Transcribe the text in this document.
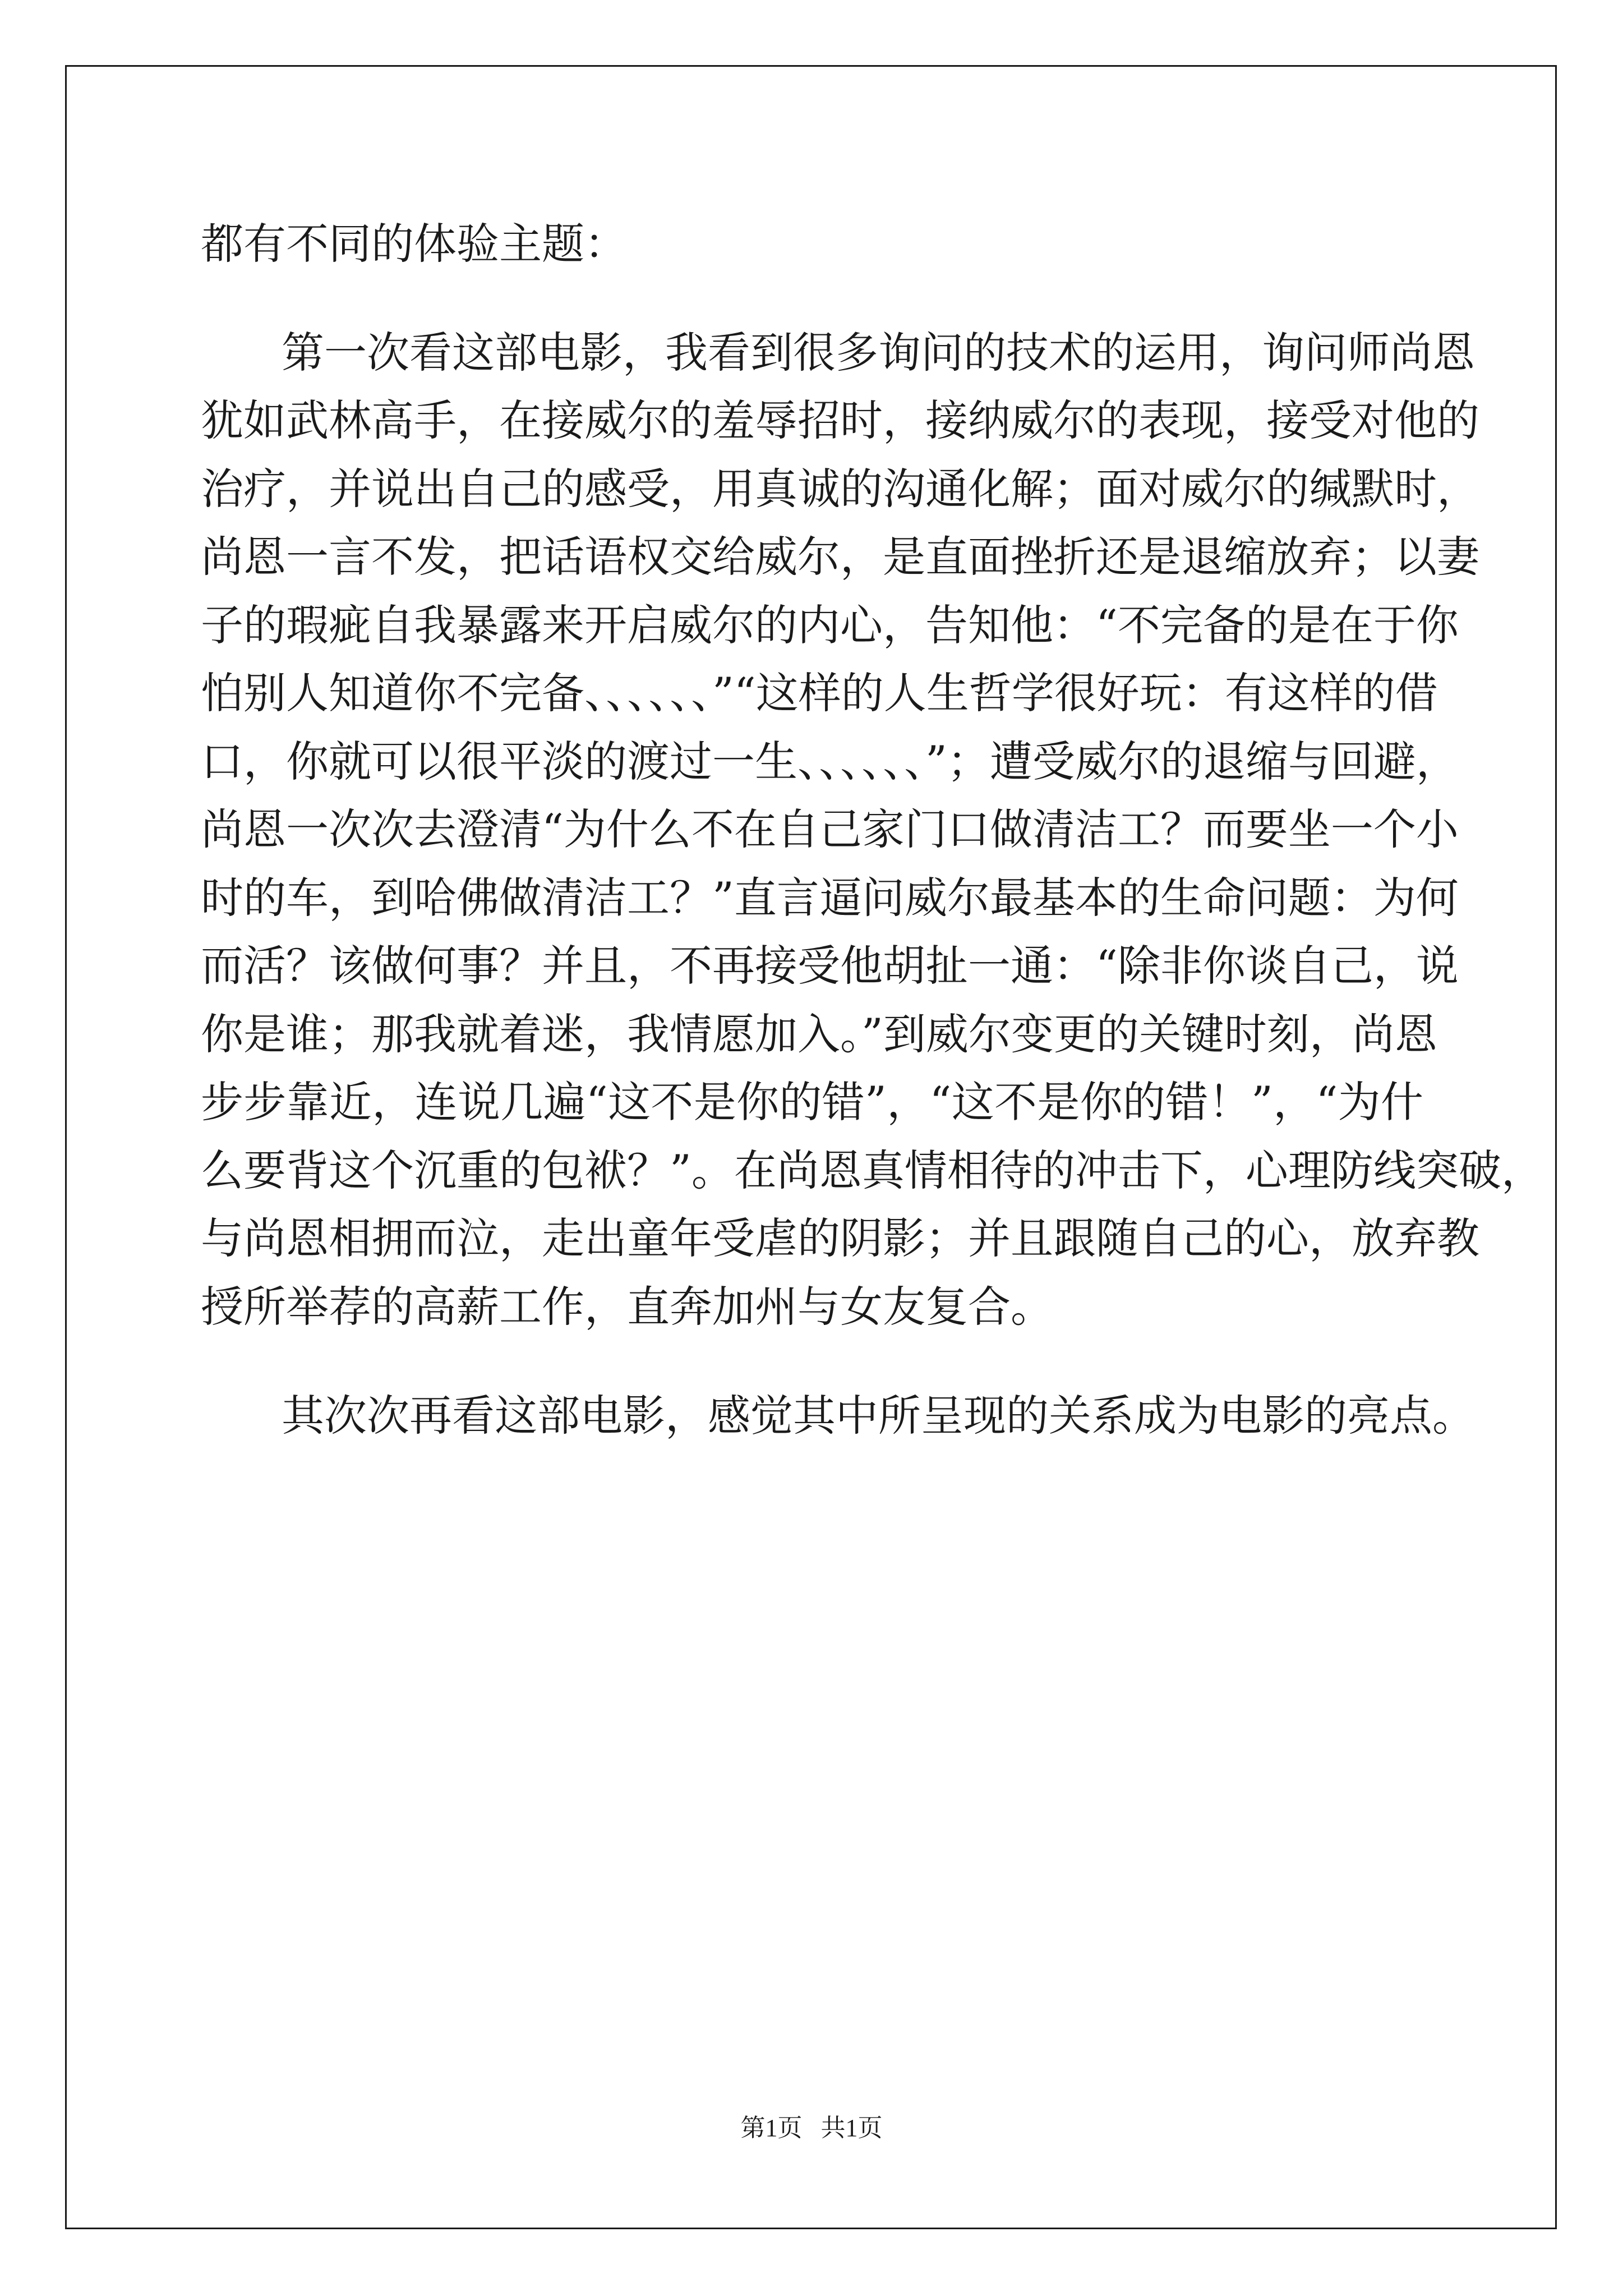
都有不同的体验主题：
第一次看这部电影，我看到很多询问的技术的运用，询问师尚恩
犹如武林高手，在接威尔的羞辱招时，接纳威尔的表现，接受对他的
治疗，并说出自己的感受，用真诚的沟通化解；面对威尔的缄默时，
尚恩一言不发，把话语权交给威尔，是直面挫折还是退缩放弃；以妻
子的瑕疵自我暴露来开启威尔的内心，告知他：“不完备的是在于你
怕别人知道你不完备、、、、、、”“这样的人生哲学很好玩：有这样的借
口，你就可以很平淡的渡过一生、、、、、、”；遭受威尔的退缩与回避，
尚恩一次次去澄清“为什么不在自己家门口做清洁工？而要坐一个小
时的车，到哈佛做清洁工？”直言逼问威尔最基本的生命问题：为何
而活？该做何事？并且，不再接受他胡扯一通：“除非你谈自己，说
你是谁；那我就着迷，我情愿加入。”到威尔变更的关键时刻，尚恩
步步靠近，连说几遍“这不是你的错”，“这不是你的错！”，“为什
么要背这个沉重的包袱？”。在尚恩真情相待的冲击下，心理防线突破，
与尚恩相拥而泣，走出童年受虐的阴影；并且跟随自己的心，放弃教
授所举荐的高薪工作，直奔加州与女友复合。
其次次再看这部电影，感觉其中所呈现的关系成为电影的亮点。
第1页   共1页
